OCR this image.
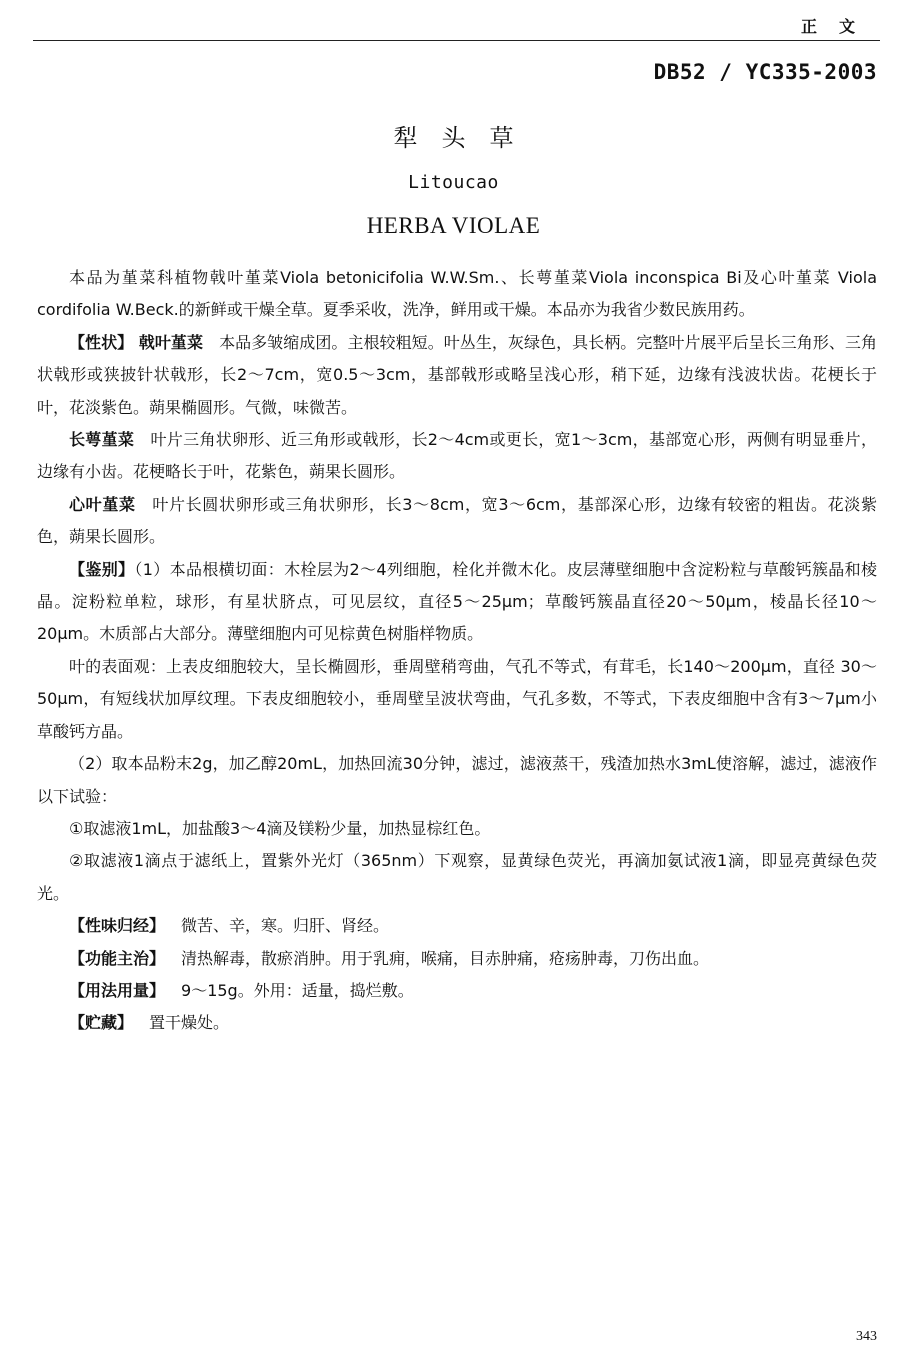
正文
DB52 / YC335-2003
犁头草
Litoucao
HERBA VIOLAE

本品为堇菜科植物戟叶堇菜Viola betonicifolia W.W.Sm.、长萼堇菜Viola inconspica Bi及心叶堇菜 Viola cordifolia W.Beck.的新鲜或干燥全草。夏季采收，洗净，鲜用或干燥。本品亦为我省少数民族用药。

【性状】 戟叶堇菜 本品多皱缩成团。主根较粗短。叶丛生，灰绿色，具长柄。完整叶片展平后呈长三角形、三角状戟形或狭披针状戟形，长2～7cm，宽0.5～3cm，基部戟形或略呈浅心形，稍下延，边缘有浅波状齿。花梗长于叶，花淡紫色。蒴果椭圆形。气微，味微苦。

长萼堇菜 叶片三角状卵形、近三角形或戟形，长2～4cm或更长，宽1～3cm，基部宽心形，两侧有明显垂片，边缘有小齿。花梗略长于叶，花紫色，蒴果长圆形。

心叶堇菜 叶片长圆状卵形或三角状卵形，长3～8cm，宽3～6cm，基部深心形，边缘有较密的粗齿。花淡紫色，蒴果长圆形。

【鉴别】（1）本品根横切面：木栓层为2～4列细胞，栓化并微木化。皮层薄壁细胞中含淀粉粒与草酸钙簇晶和棱晶。淀粉粒单粒，球形，有星状脐点，可见层纹，直径5～25μm；草酸钙簇晶直径20～50μm，棱晶长径10～20μm。木质部占大部分。薄壁细胞内可见棕黄色树脂样物质。

叶的表面观：上表皮细胞较大，呈长椭圆形，垂周壁稍弯曲，气孔不等式，有茸毛，长140～200μm，直径 30～50μm，有短线状加厚纹理。下表皮细胞较小，垂周壁呈波状弯曲，气孔多数，不等式，下表皮细胞中含有3～7μm小草酸钙方晶。

（2）取本品粉末2g，加乙醇20mL，加热回流30分钟，滤过，滤液蒸干，残渣加热水3mL使溶解，滤过，滤液作以下试验：

①取滤液1mL，加盐酸3～4滴及镁粉少量，加热显棕红色。

②取滤液1滴点于滤纸上，置紫外光灯（365nm）下观察，显黄绿色荧光，再滴加氨试液1滴，即显亮黄绿色荧光。

【性味归经】 微苦、辛，寒。归肝、肾经。

【功能主治】 清热解毒，散瘀消肿。用于乳痈，喉痛，目赤肿痛，疮疡肿毒，刀伤出血。

【用法用量】 9～15g。外用：适量，捣烂敷。

【贮藏】 置干燥处。

343
